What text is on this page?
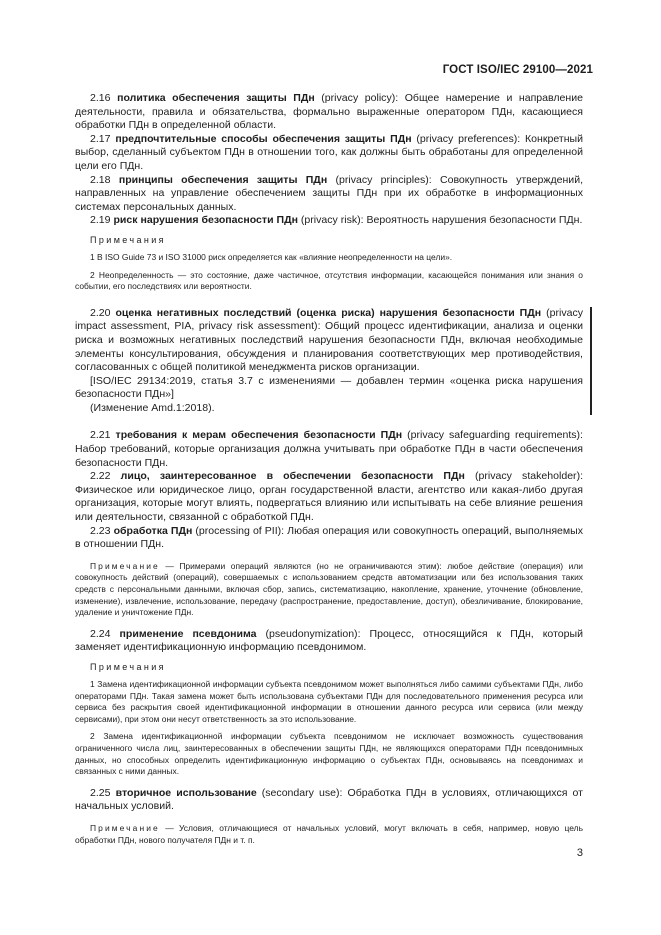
ГОСТ ISO/IEC 29100—2021

2.16 политика обеспечения защиты ПДн (privacy policy): Общее намерение и направление деятельности, правила и обязательства, формально выраженные оператором ПДн, касающиеся обработки ПДн в определенной области.

2.17 предпочтительные способы обеспечения защиты ПДн (privacy preferences): Конкретный выбор, сделанный субъектом ПДн в отношении того, как должны быть обработаны для определенной цели его ПДн.

2.18 принципы обеспечения защиты ПДн (privacy principles): Совокупность утверждений, направленных на управление обеспечением защиты ПДн при их обработке в информационных системах персональных данных.

2.19 риск нарушения безопасности ПДн (privacy risk): Вероятность нарушения безопасности ПДн.

Примечания

1 В ISO Guide 73 и ISO 31000 риск определяется как «влияние неопределенности на цели».

2 Неопределенность — это состояние, даже частичное, отсутствия информации, касающейся понимания или знания о событии, его последствиях или вероятности.

2.20 оценка негативных последствий (оценка риска) нарушения безопасности ПДн (privacy impact assessment, PIA, privacy risk assessment): Общий процесс идентификации, анализа и оценки риска и возможных негативных последствий нарушения безопасности ПДн, включая необходимые элементы консультирования, обсуждения и планирования соответствующих мер противодействия, согласованных с общей политикой менеджмента рисков организации.

[ISO/IEC 29134:2019, статья 3.7 с изменениями — добавлен термин «оценка риска нарушения безопасности ПДн»]

(Изменение Amd.1:2018).

2.21 требования к мерам обеспечения безопасности ПДн (privacy safeguarding requirements): Набор требований, которые организация должна учитывать при обработке ПДн в части обеспечения безопасности ПДн.

2.22 лицо, заинтересованное в обеспечении безопасности ПДн (privacy stakeholder): Физическое или юридическое лицо, орган государственной власти, агентство или какая-либо другая организация, которые могут влиять, подвергаться влиянию или испытывать на себе влияние решения или деятельности, связанной с обработкой ПДн.

2.23 обработка ПДн (processing of PII): Любая операция или совокупность операций, выполняемых в отношении ПДн.

Примечание — Примерами операций являются (но не ограничиваются этим): любое действие (операция) или совокупность действий (операций), совершаемых с использованием средств автоматизации или без использования таких средств с персональными данными, включая сбор, запись, систематизацию, накопление, хранение, уточнение (обновление, изменение), извлечение, использование, передачу (распространение, предоставление, доступ), обезличивание, блокирование, удаление и уничтожение ПДн.

2.24 применение псевдонима (pseudonymization): Процесс, относящийся к ПДн, который заменяет идентификационную информацию псевдонимом.

Примечания

1 Замена идентификационной информации субъекта псевдонимом может выполняться либо самими субъектами ПДн, либо операторами ПДн. Такая замена может быть использована субъектами ПДн для последовательного применения ресурса или сервиса без раскрытия своей идентификационной информации в отношении данного ресурса или сервиса (или между сервисами), при этом они несут ответственность за это использование.

2 Замена идентификационной информации субъекта псевдонимом не исключает возможность существования ограниченного числа лиц, заинтересованных в обеспечении защиты ПДн, не являющихся операторами ПДн псевдонимных данных, но способных определить идентификационную информацию о субъектах ПДн, основываясь на псевдонимах и связанных с ними данных.

2.25 вторичное использование (secondary use): Обработка ПДн в условиях, отличающихся от начальных условий.

Примечание — Условия, отличающиеся от начальных условий, могут включать в себя, например, новую цель обработки ПДн, нового получателя ПДн и т. п.

3
